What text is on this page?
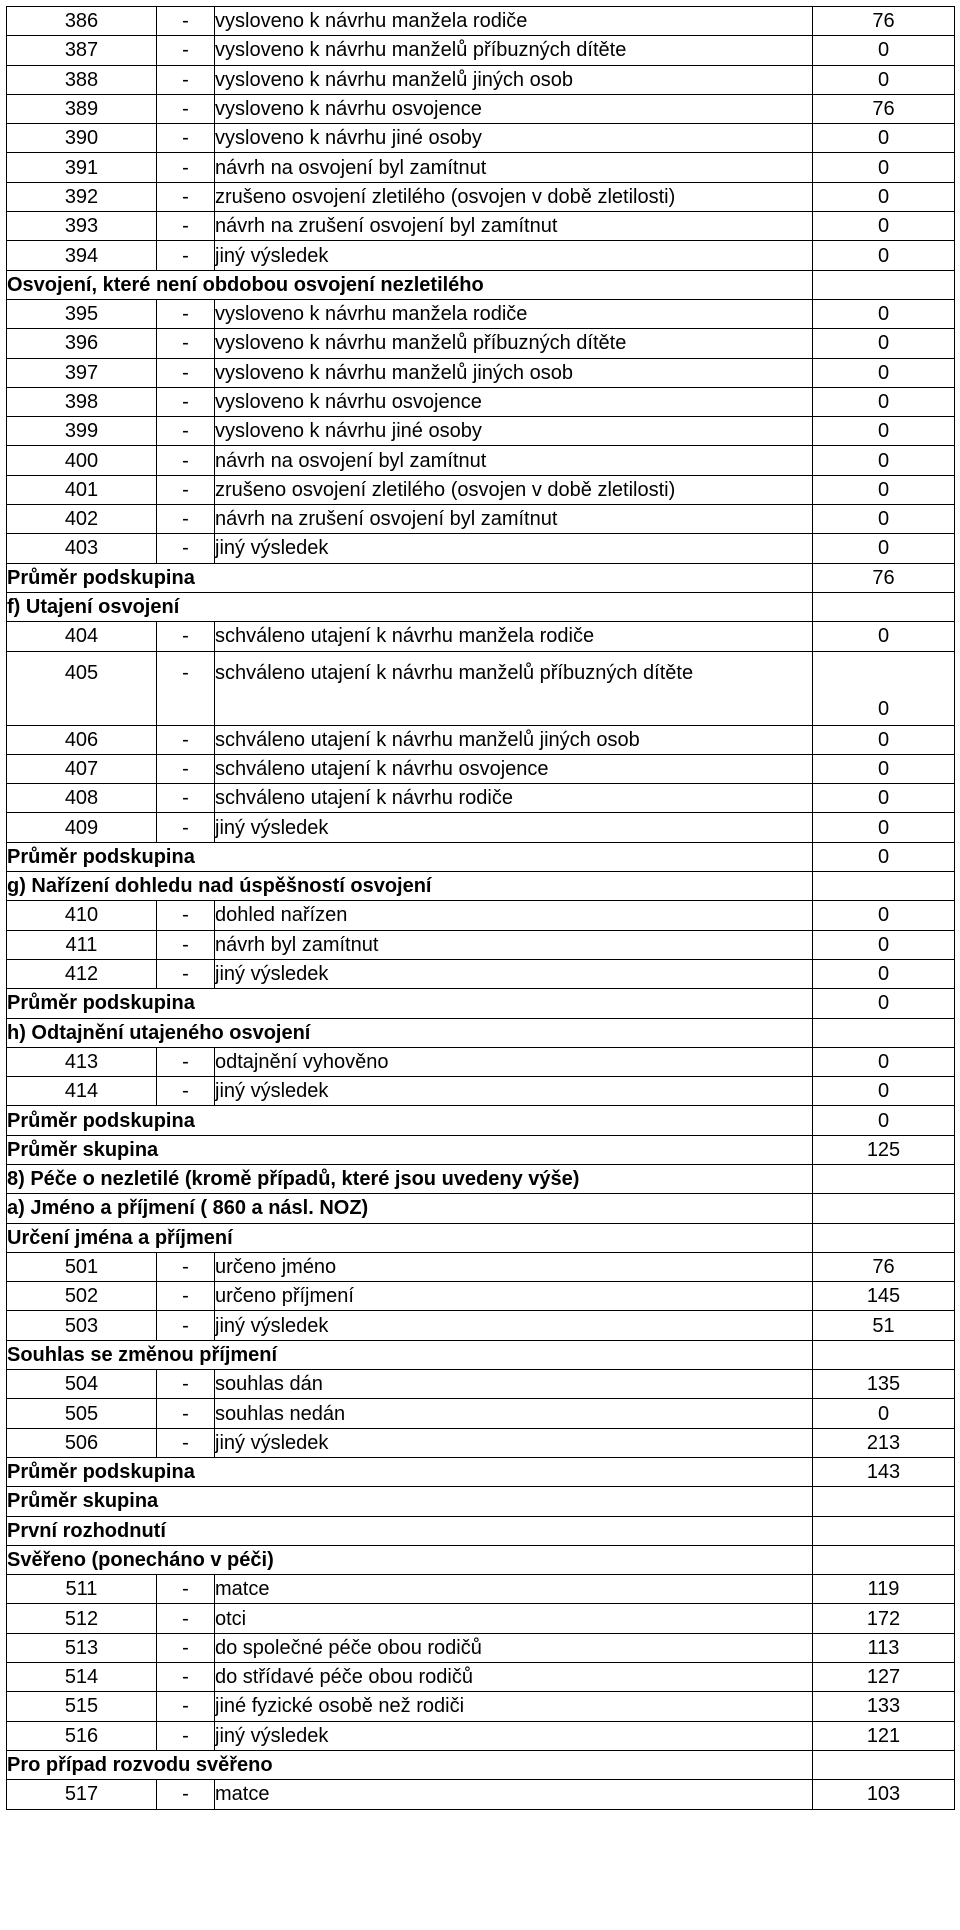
386	-	vysloveno k návrhu manžela rodiče	76
387	-	vysloveno k návrhu manželů příbuzných dítěte	0
388	-	vysloveno k návrhu manželů jiných osob	0
389	-	vysloveno k návrhu osvojence	76
390	-	vysloveno k návrhu jiné osoby	0
391	-	návrh na osvojení byl zamítnut	0
392	-	zrušeno osvojení zletilého (osvojen v době zletilosti)	0
393	-	návrh na zrušení osvojení byl zamítnut	0
394	-	jiný výsledek	0
Osvojení, které není obdobou osvojení nezletilého			
395	-	vysloveno k návrhu manžela rodiče	0
396	-	vysloveno k návrhu manželů příbuzných dítěte	0
397	-	vysloveno k návrhu manželů jiných osob	0
398	-	vysloveno k návrhu osvojence	0
399	-	vysloveno k návrhu jiné osoby	0
400	-	návrh na osvojení byl zamítnut	0
401	-	zrušeno osvojení zletilého (osvojen v době zletilosti)	0
402	-	návrh na zrušení osvojení byl zamítnut	0
403	-	jiný výsledek	0
Průměr podskupina			76
f) Utajení osvojení			
404	-	schváleno utajení k návrhu manžela rodiče	0
405	-	schváleno utajení k návrhu manželů příbuzných dítěte	0
406	-	schváleno utajení k návrhu manželů jiných osob	0
407	-	schváleno utajení k návrhu osvojence	0
408	-	schváleno utajení k návrhu rodiče	0
409	-	jiný výsledek	0
Průměr podskupina			0
g) Nařízení dohledu nad úspěšností osvojení			
410	-	dohled nařízen	0
411	-	návrh byl zamítnut	0
412	-	jiný výsledek	0
Průměr podskupina			0
h) Odtajnění utajeného osvojení			
413	-	odtajnění vyhověno	0
414	-	jiný výsledek	0
Průměr podskupina			0
Průměr skupina			125
8) Péče o nezletilé (kromě případů, které jsou uvedeny výše)			
a) Jméno a příjmení ( 860 a násl. NOZ)			
Určení jména a příjmení			
501	-	určeno jméno	76
502	-	určeno příjmení	145
503	-	jiný výsledek	51
Souhlas se změnou příjmení			
504	-	souhlas dán	135
505	-	souhlas nedán	0
506	-	jiný výsledek	213
Průměr podskupina			143
Průměr skupina			
První rozhodnutí			
Svěřeno (ponecháno v péči)			
511	-	matce	119
512	-	otci	172
513	-	do společné péče obou rodičů	113
514	-	do střídavé péče obou rodičů	127
515	-	jiné fyzické osobě než rodiči	133
516	-	jiný výsledek	121
Pro případ rozvodu svěřeno			
517	-	matce	103
